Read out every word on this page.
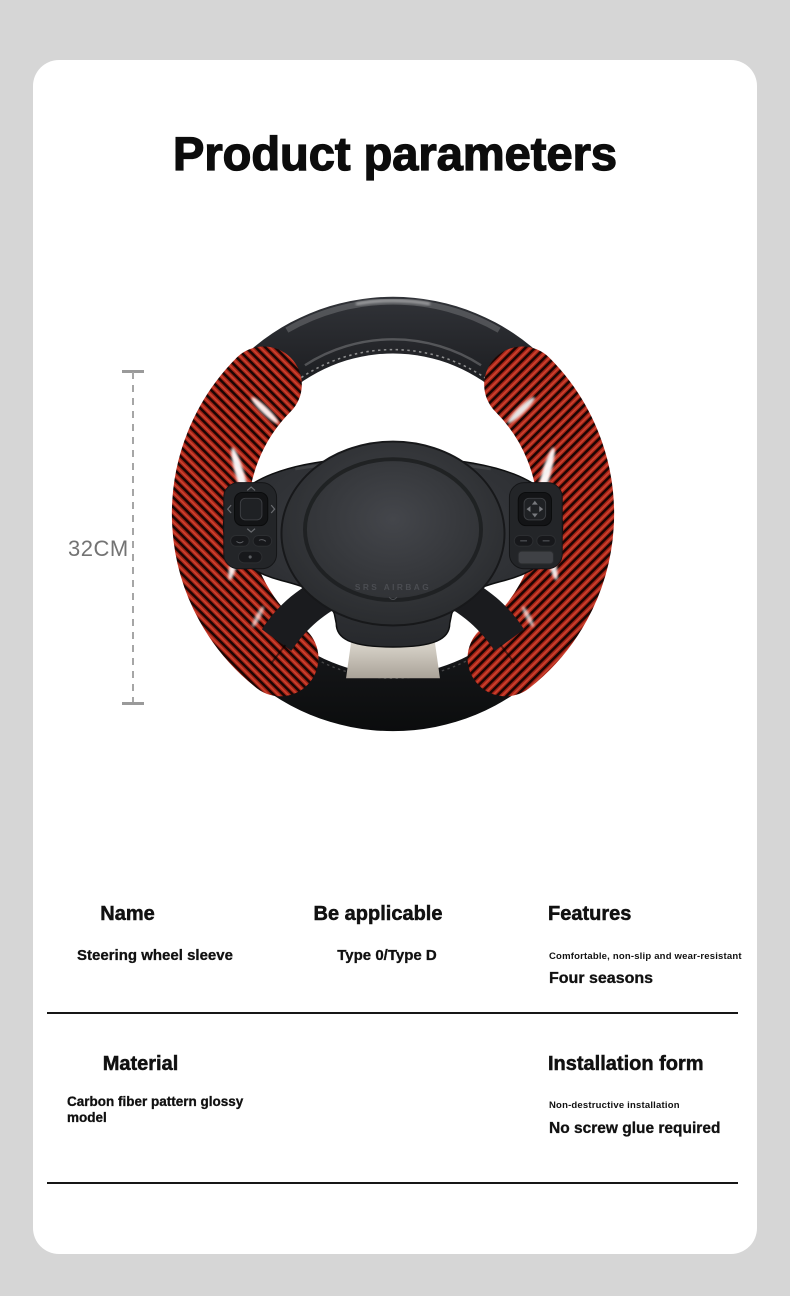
Product parameters
32CM
SRS AIRBAG
Name
Steering wheel sleeve
Be applicable
Type 0/Type D
Features
Comfortable, non-slip and wear-resistant
Four seasons
Material
Carbon fiber pattern glossy model
Installation form
Non-destructive installation
No screw glue required
